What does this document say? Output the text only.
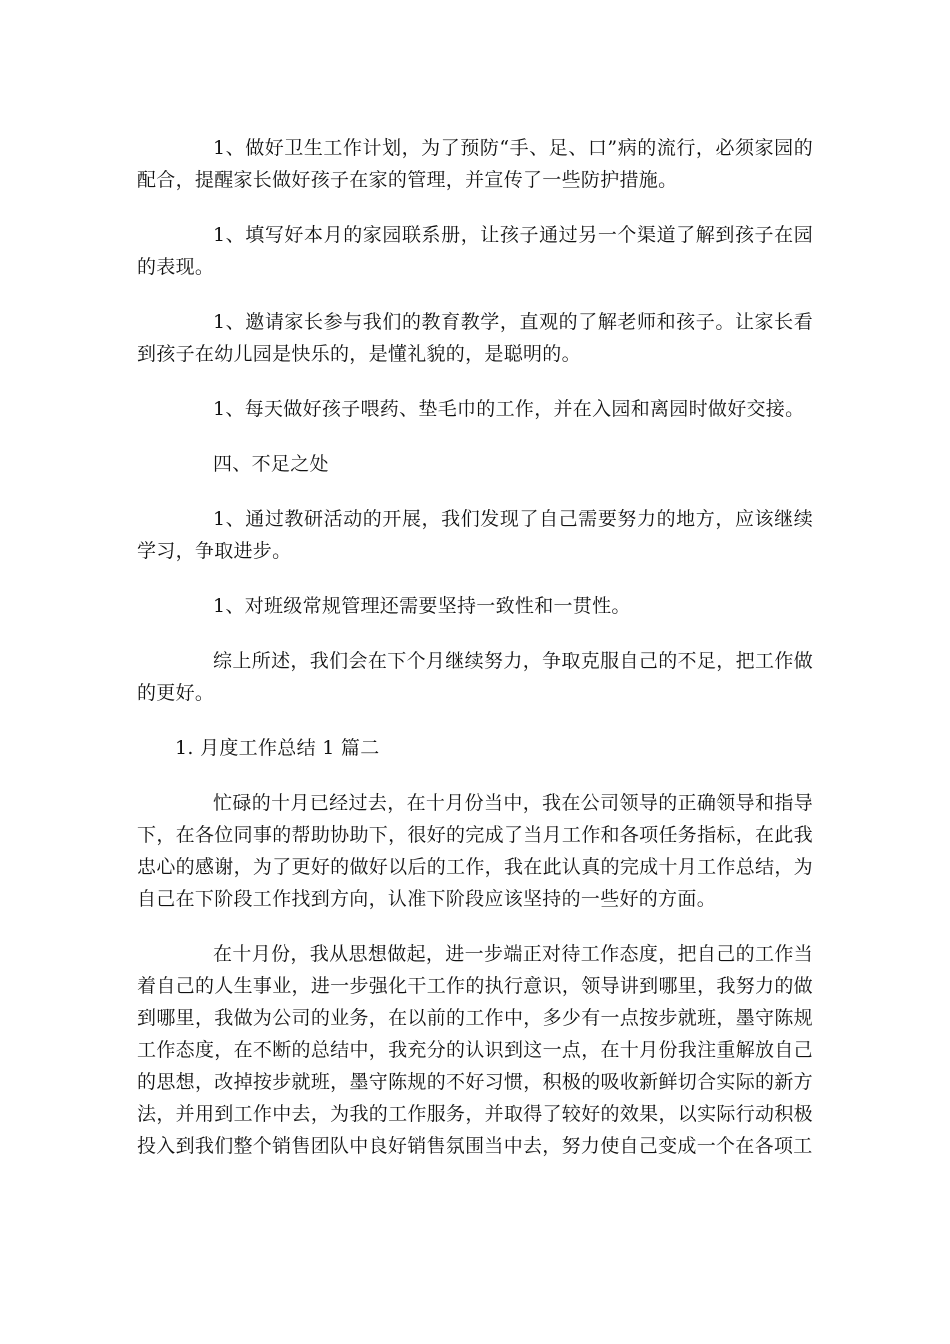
1、做好卫生工作计划，为了预防“手、足、口”病的流行，必须家园的配合，提醒家长做好孩子在家的管理，并宣传了一些防护措施。

1、填写好本月的家园联系册，让孩子通过另一个渠道了解到孩子在园的表现。

1、邀请家长参与我们的教育教学，直观的了解老师和孩子。让家长看到孩子在幼儿园是快乐的，是懂礼貌的，是聪明的。

1、每天做好孩子喂药、垫毛巾的工作，并在入园和离园时做好交接。

四、不足之处

1、通过教研活动的开展，我们发现了自己需要努力的地方，应该继续学习，争取进步。

1、对班级常规管理还需要坚持一致性和一贯性。

综上所述，我们会在下个月继续努力，争取克服自己的不足，把工作做的更好。

1. 月度工作总结 1 篇二

忙碌的十月已经过去，在十月份当中，我在公司领导的正确领导和指导下，在各位同事的帮助协助下，很好的完成了当月工作和各项任务指标，在此我忠心的感谢，为了更好的做好以后的工作，我在此认真的完成十月工作总结，为自己在下阶段工作找到方向，认准下阶段应该坚持的一些好的方面。

在十月份，我从思想做起，进一步端正对待工作态度，把自己的工作当着自己的人生事业，进一步强化干工作的执行意识，领导讲到哪里，我努力的做到哪里，我做为公司的业务，在以前的工作中，多少有一点按步就班，墨守陈规工作态度，在不断的总结中，我充分的认识到这一点，在十月份我注重解放自己的思想，改掉按步就班，墨守陈规的不好习惯，积极的吸收新鲜切合实际的新方法，并用到工作中去，为我的工作服务，并取得了较好的效果，以实际行动积极投入到我们整个销售团队中良好销售氛围当中去，努力使自己变成一个在各项工
